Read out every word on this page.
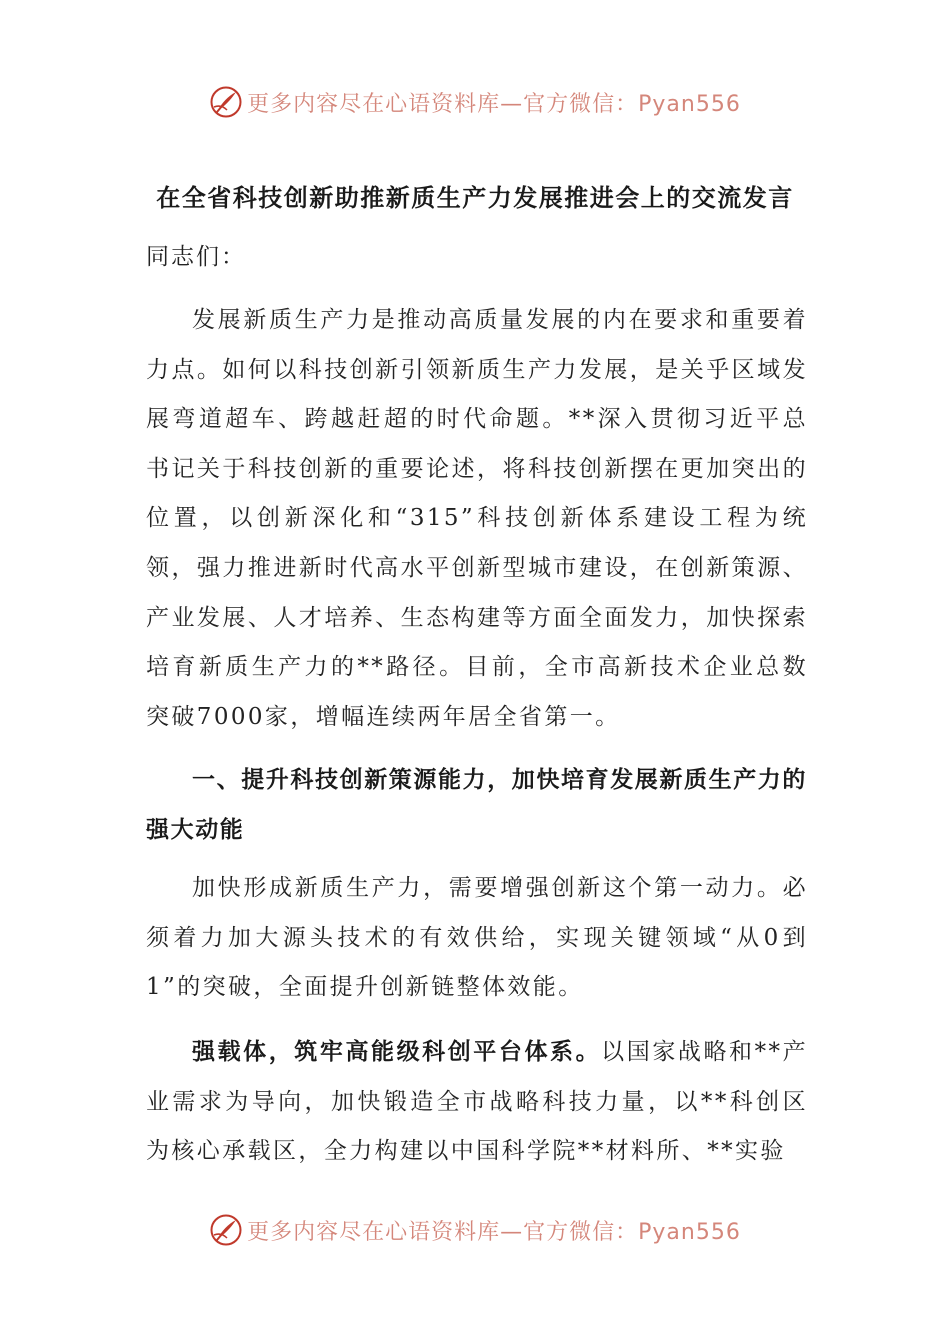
更多内容尽在心语资料库—官方微信：Pyan556
在全省科技创新助推新质生产力发展推进会上的交流发言
同志们：

发展新质生产力是推动高质量发展的内在要求和重要着力点。如何以科技创新引领新质生产力发展，是关乎区域发展弯道超车、跨越赶超的时代命题。**深入贯彻习近平总书记关于科技创新的重要论述，将科技创新摆在更加突出的位置，以创新深化和“315”科技创新体系建设工程为统领，强力推进新时代高水平创新型城市建设，在创新策源、产业发展、人才培养、生态构建等方面全面发力，加快探索培育新质生产力的**路径。目前，全市高新技术企业总数突破7000家，增幅连续两年居全省第一。

一、提升科技创新策源能力，加快培育发展新质生产力的强大动能

加快形成新质生产力，需要增强创新这个第一动力。必须着力加大源头技术的有效供给，实现关键领域“从0到1”的突破，全面提升创新链整体效能。

强载体，筑牢高能级科创平台体系。以国家战略和**产业需求为导向，加快锻造全市战略科技力量，以**科创区为核心承载区，全力构建以中国科学院**材料所、**实验

更多内容尽在心语资料库—官方微信：Pyan556
